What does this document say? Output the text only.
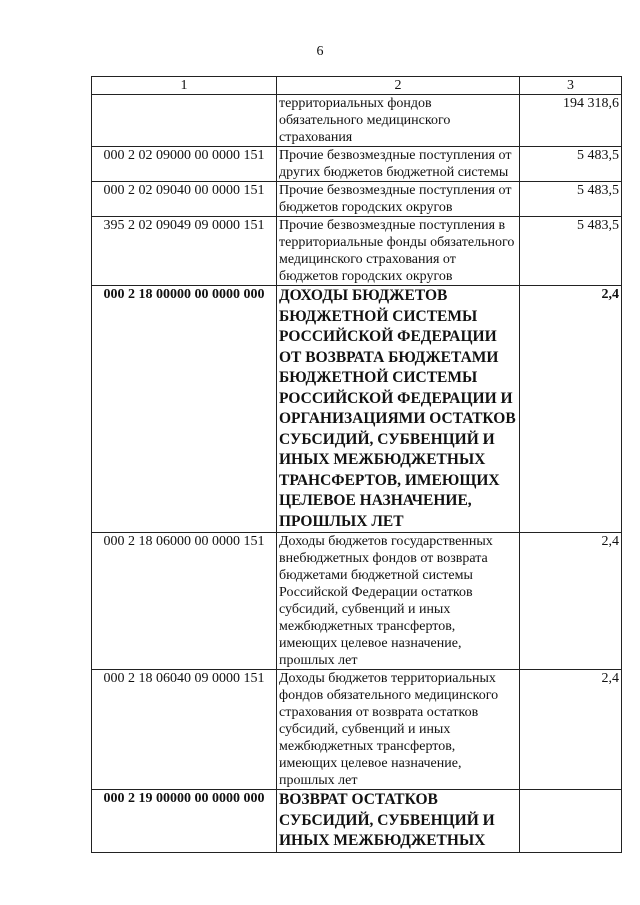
6
1	2	3
	территориальных фондов обязательного медицинского страхования	194 318,6
000 2 02 09000 00 0000 151	Прочие безвозмездные поступления от других бюджетов бюджетной системы	5 483,5
000 2 02 09040 00 0000 151	Прочие безвозмездные поступления от бюджетов городских округов	5 483,5
395 2 02 09049 09 0000 151	Прочие безвозмездные поступления в территориальные фонды обязательного медицинского страхования от бюджетов городских округов	5 483,5
000 2 18 00000 00 0000 000	ДОХОДЫ БЮДЖЕТОВ БЮДЖЕТНОЙ СИСТЕМЫ РОССИЙСКОЙ ФЕДЕРАЦИИ ОТ ВОЗВРАТА БЮДЖЕТАМИ БЮДЖЕТНОЙ СИСТЕМЫ РОССИЙСКОЙ ФЕДЕРАЦИИ И ОРГАНИЗАЦИЯМИ ОСТАТКОВ СУБСИДИЙ, СУБВЕНЦИЙ И ИНЫХ МЕЖБЮДЖЕТНЫХ ТРАНСФЕРТОВ, ИМЕЮЩИХ ЦЕЛЕВОЕ НАЗНАЧЕНИЕ, ПРОШЛЫХ ЛЕТ	2,4
000 2 18 06000 00 0000 151	Доходы бюджетов государственных внебюджетных фондов от возврата бюджетами бюджетной системы Российской Федерации остатков субсидий, субвенций и иных межбюджетных трансфертов, имеющих целевое назначение, прошлых лет	2,4
000 2 18 06040 09 0000 151	Доходы бюджетов территориальных фондов обязательного медицинского страхования от возврата остатков субсидий, субвенций и иных межбюджетных трансфертов, имеющих целевое назначение, прошлых лет	2,4
000 2 19 00000 00 0000 000	ВОЗВРАТ ОСТАТКОВ СУБСИДИЙ, СУБВЕНЦИЙ И ИНЫХ МЕЖБЮДЖЕТНЫХ	
